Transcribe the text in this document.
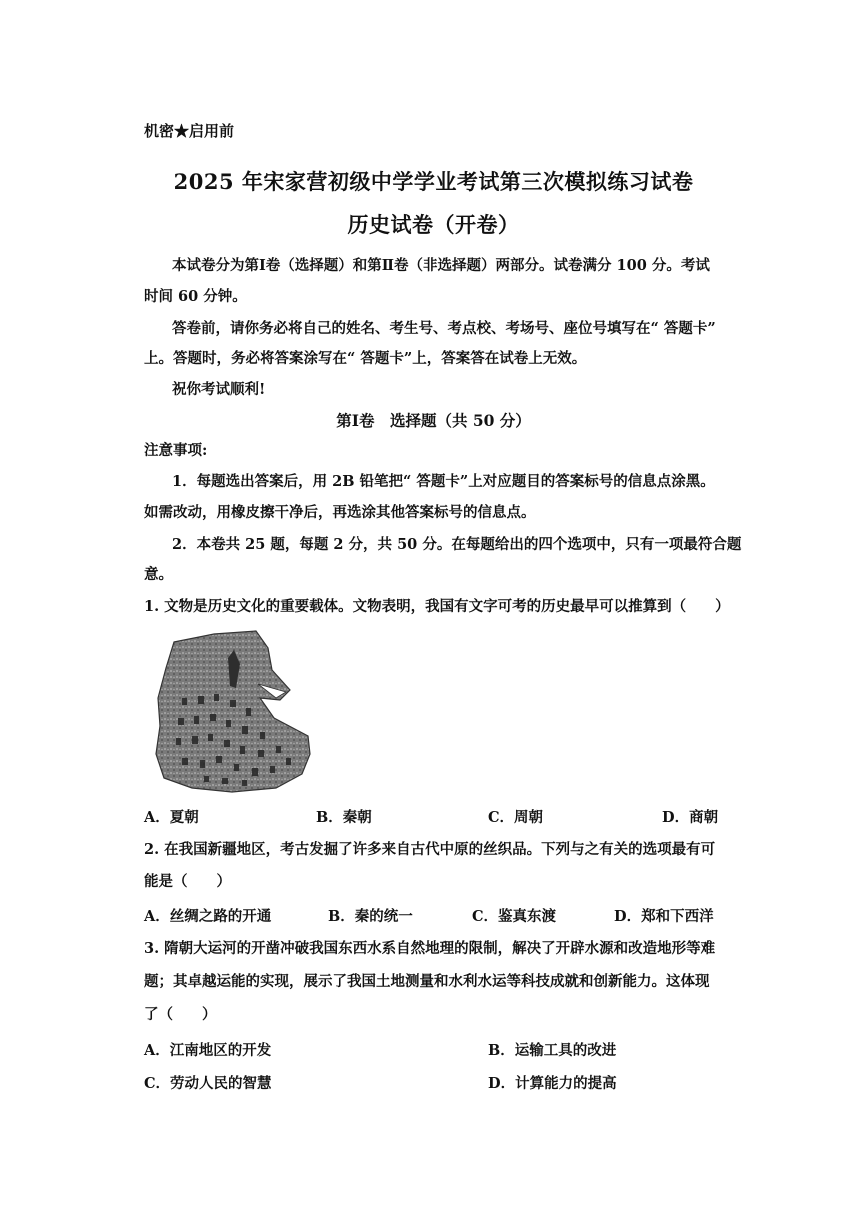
机密★启用前
2025 年宋家营初级中学学业考试第三次模拟练习试卷
历史试卷（开卷）
本试卷分为第Ⅰ卷（选择题）和第Ⅱ卷（非选择题）两部分。试卷满分 100 分。考试
时间 60 分钟。
答卷前，请你务必将自己的姓名、考生号、考点校、考场号、座位号填写在“ 答题卡”
上。答题时，务必将答案涂写在“ 答题卡”上，答案答在试卷上无效。
祝你考试顺利!
第Ⅰ卷　选择题（共 50 分）
注意事项:
1．每题选出答案后，用 2B 铅笔把“ 答题卡”上对应题目的答案标号的信息点涂黑。
如需改动，用橡皮擦干净后，再选涂其他答案标号的信息点。
2．本卷共 25 题，每题 2 分，共 50 分。在每题给出的四个选项中，只有一项最符合题
意。
1. 文物是历史文化的重要载体。文物表明，我国有文字可考的历史最早可以推算到（　　）
A．夏朝	B．秦朝	C．周朝	D．商朝
2. 在我国新疆地区，考古发掘了许多来自古代中原的丝织品。下列与之有关的选项最有可
能是（　　）
A．丝绸之路的开通	B．秦的统一	C．鉴真东渡	D．郑和下西洋
3. 隋朝大运河的开凿冲破我国东西水系自然地理的限制，解决了开辟水源和改造地形等难
题；其卓越运能的实现，展示了我国土地测量和水利水运等科技成就和创新能力。这体现
了（　　）
A．江南地区的开发	B．运输工具的改进
C．劳动人民的智慧	D．计算能力的提高
